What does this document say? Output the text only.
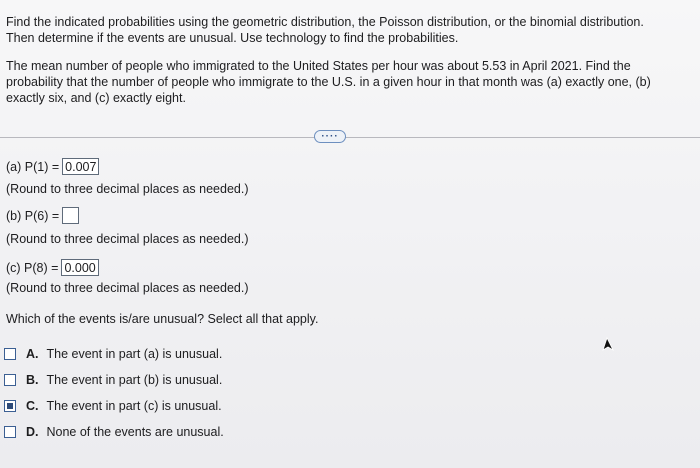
Find the indicated probabilities using the geometric distribution, the Poisson distribution, or the binomial distribution.

Then determine if the events are unusual. Use technology to find the probabilities.

The mean number of people who immigrated to the United States per hour was about 5.53 in April 2021. Find the

probability that the number of people who immigrate to the U.S. in a given hour in that month was (a) exactly one, (b)

exactly six, and (c) exactly eight.

····
(a) P(1) = 0.007
(Round to three decimal places as needed.)
(b) P(6) =
(Round to three decimal places as needed.)
(c) P(8) = 0.000
(Round to three decimal places as needed.)
Which of the events is/are unusual? Select all that apply.
A. The event in part (a) is unusual.
B. The event in part (b) is unusual.
C. The event in part (c) is unusual.
D. None of the events are unusual.
